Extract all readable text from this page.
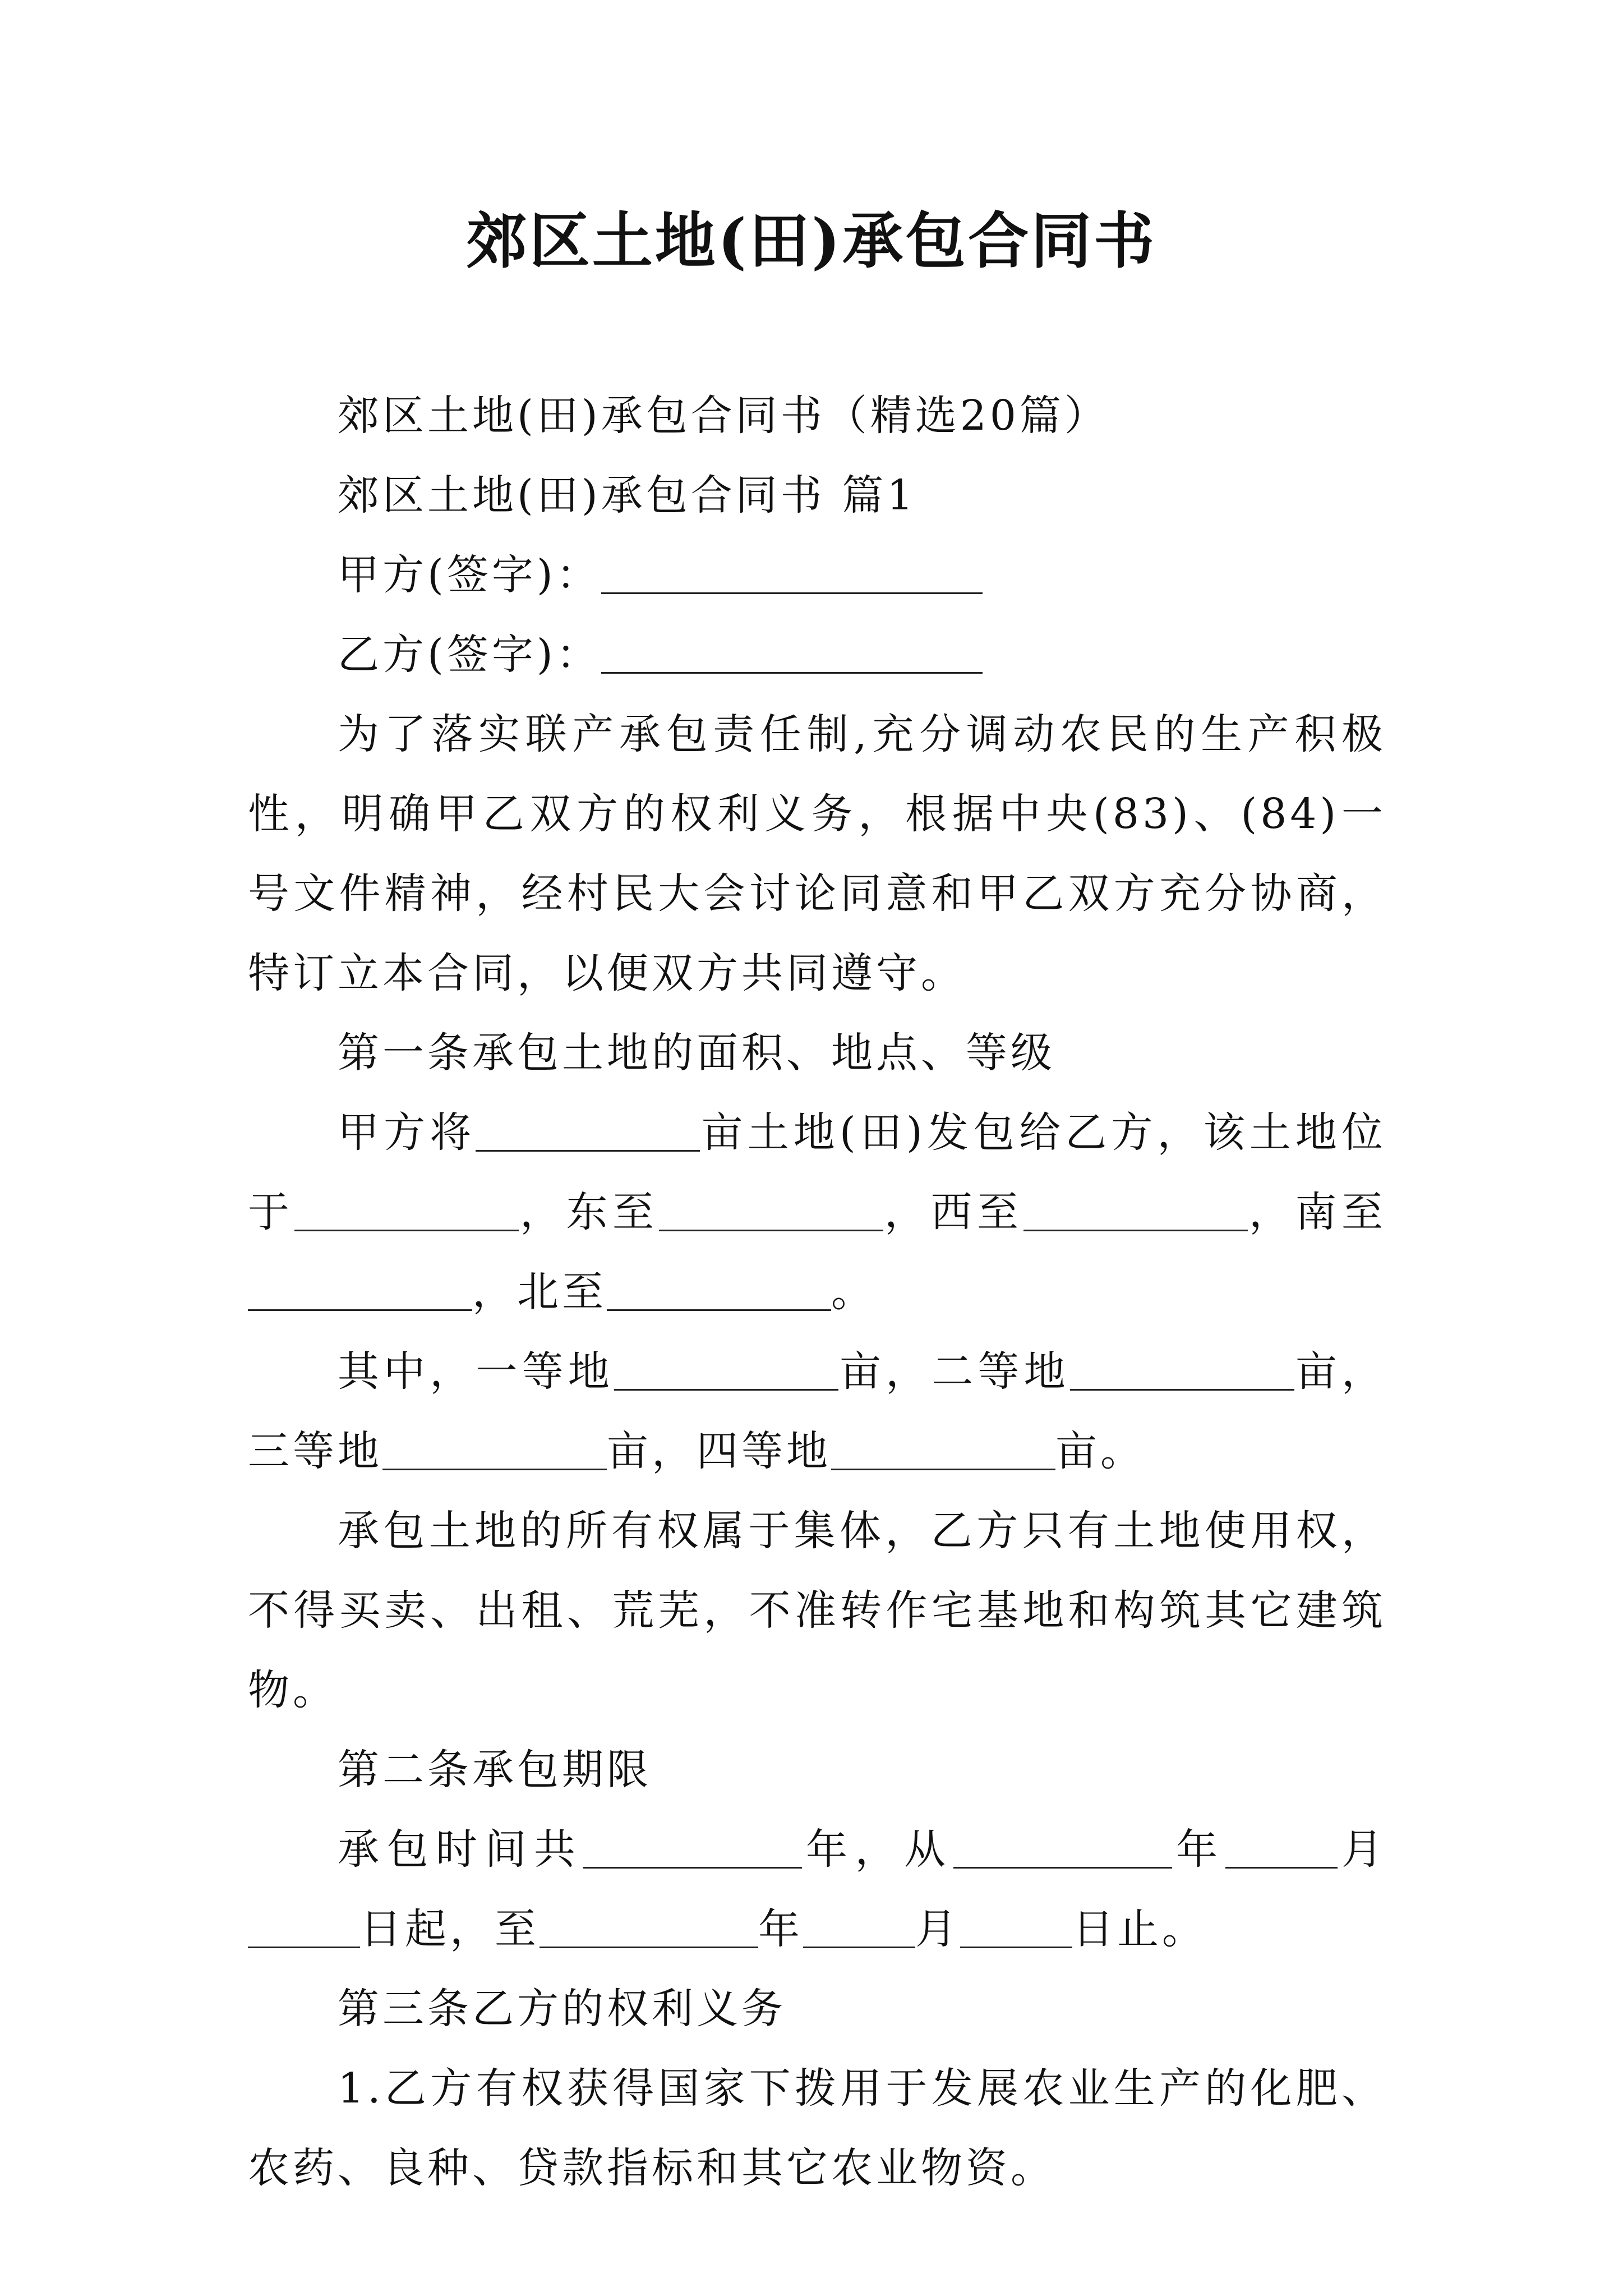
郊区土地(田)承包合同书

郊区土地(田)承包合同书（精选20篇）

郊区土地(田)承包合同书 篇1

甲方(签字)：

乙方(签字)：

为了落实联产承包责任制,充分调动农民的生产积极性，明确甲乙双方的权利义务，根据中央(83)、(84)一号文件精神，经村民大会讨论同意和甲乙双方充分协商，特订立本合同，以便双方共同遵守。

第一条承包土地的面积、地点、等级

甲方将	亩土地(田)发包给乙方，该土地位于	，东至	，西至	，南至，北至	。

其中，一等地	亩，二等地	亩，三等地	亩，四等地	亩。

承包土地的所有权属于集体，乙方只有土地使用权，不得买卖、出租、荒芜，不准转作宅基地和构筑其它建筑物。

第二条承包期限

承包时间共	年，从	年	月日起，至	年	月	日止。

第三条乙方的权利义务

1.乙方有权获得国家下拨用于发展农业生产的化肥、农药、良种、贷款指标和其它农业物资。
